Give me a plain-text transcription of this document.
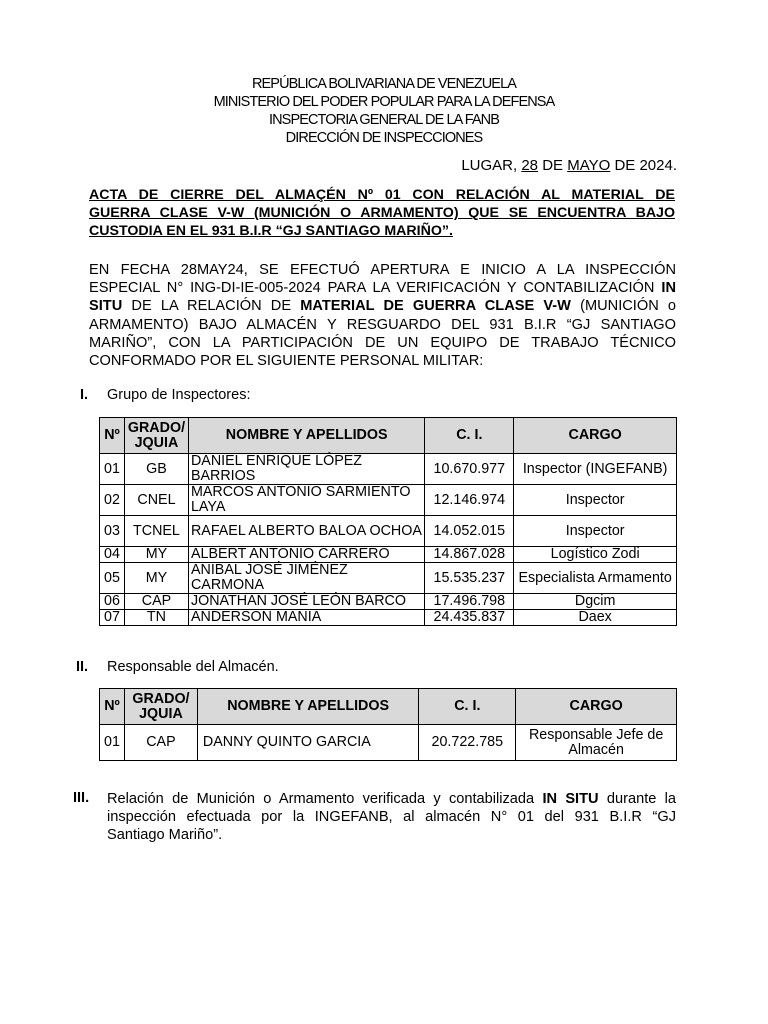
REPÚBLICA BOLIVARIANA DE VENEZUELA
MINISTERIO DEL PODER POPULAR PARA LA DEFENSA
INSPECTORIA GENERAL DE LA FANB
DIRECCIÓN DE INSPECCIONES
LUGAR, 28 DE MAYO DE 2024.
ACTA DE CIERRE DEL ALMAÇÉN Nº 01 CON RELACIÓN AL MATERIAL DE
GUERRA CLASE V-W (MUNICIÓN O ARMAMENTO) QUE SE ENCUENTRA BAJO
CUSTODIA EN EL 931 B.I.R “GJ SANTIAGO MARIÑO”.
EN FECHA 28MAY24, SE EFECTUÓ APERTURA E INICIO A LA INSPECCIÓN
ESPECIAL N° ING-DI-IE-005-2024 PARA LA VERIFICACIÓN Y CONTABILIZACIÓN IN
SITU DE LA RELACIÓN DE MATERIAL DE GUERRA CLASE V-W (MUNICIÓN o
ARMAMENTO) BAJO ALMACÉN Y RESGUARDO DEL 931 B.I.R “GJ SANTIAGO
MARIÑO”, CON LA PARTICIPACIÓN DE UN EQUIPO DE TRABAJO TÉCNICO
CONFORMADO POR EL SIGUIENTE PERSONAL MILITAR:
I. Grupo de Inspectores:
Nº	GRADO/ JQUIA	NOMBRE Y APELLIDOS	C. I.	CARGO
01	GB	DANIEL ENRIQUE LÓPEZ BARRIOS	10.670.977	Inspector (INGEFANB)
02	CNEL	MARCOS ANTONIO SARMIENTO LAYA	12.146.974	Inspector
03	TCNEL	RAFAEL ALBERTO BALOA OCHOA	14.052.015	Inspector
04	MY	ALBERT ANTONIO CARRERO	14.867.028	Logístico Zodi
05	MY	ANIBAL JOSÉ JIMÉNEZ CARMONA	15.535.237	Especialista Armamento
06	CAP	JONATHAN JOSÉ LEÓN BARCO	17.496.798	Dgcim
07	TN	ANDERSON MANIA	24.435.837	Daex
II. Responsable del Almacén.
Nº	GRADO/ JQUIA	NOMBRE Y APELLIDOS	C. I.	CARGO
01	CAP	DANNY QUINTO GARCIA	20.722.785	Responsable Jefe de Almacén
III. Relación de Munición o Armamento verificada y contabilizada IN SITU durante la
inspección efectuada por la INGEFANB, al almacén N° 01 del 931 B.I.R “GJ
Santiago Mariño”.
